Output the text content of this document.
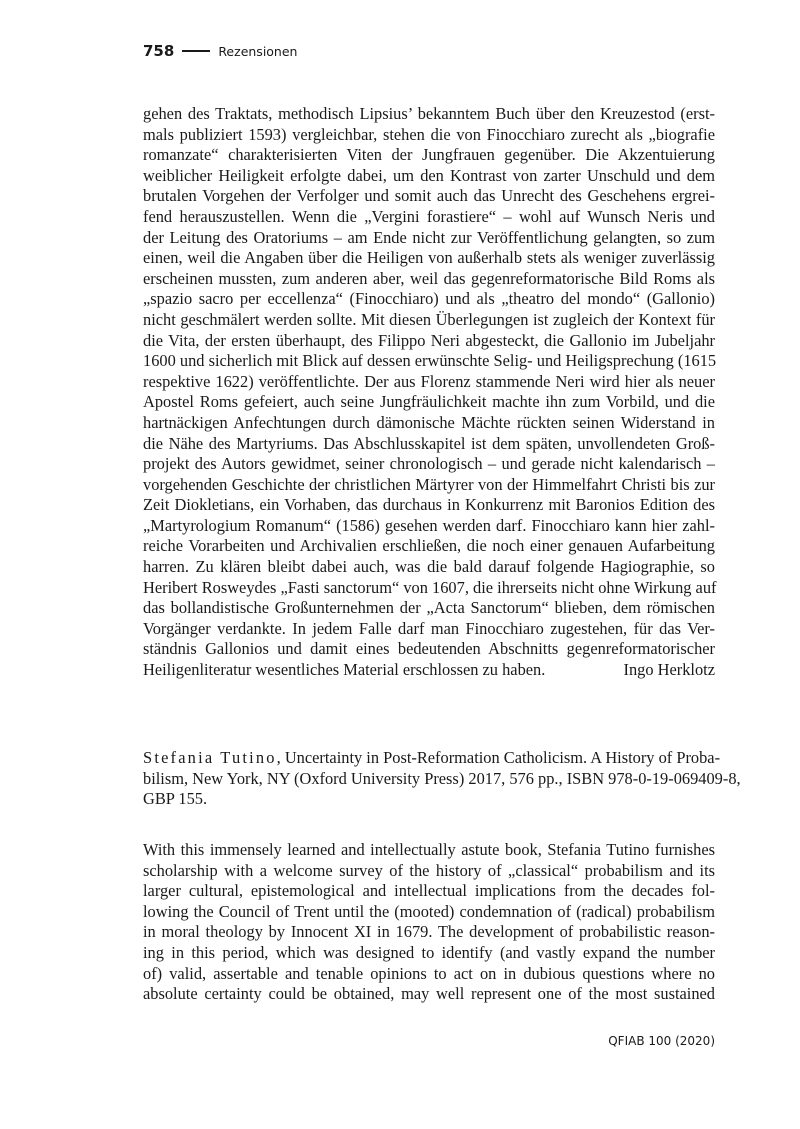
758	Rezensionen
gehen des Traktats, methodisch Lipsius’ bekanntem Buch über den Kreuzestod (erst-
mals publiziert 1593) vergleichbar, stehen die von Finocchiaro zurecht als „biografie
romanzate“ charakterisierten Viten der Jungfrauen gegenüber. Die Akzentuierung
weiblicher Heiligkeit erfolgte dabei, um den Kontrast von zarter Unschuld und dem
brutalen Vorgehen der Verfolger und somit auch das Unrecht des Geschehens ergrei-
fend herauszustellen. Wenn die „Vergini forastiere“ – wohl auf Wunsch Neris und
der Leitung des Oratoriums – am Ende nicht zur Veröffentlichung gelangten, so zum
einen, weil die Angaben über die Heiligen von außerhalb stets als weniger zuverlässig
erscheinen mussten, zum anderen aber, weil das gegenreformatorische Bild Roms als
„spazio sacro per eccellenza“ (Finocchiaro) und als „theatro del mondo“ (Gallonio)
nicht geschmälert werden sollte. Mit diesen Überlegungen ist zugleich der Kontext für
die Vita, der ersten überhaupt, des Filippo Neri abgesteckt, die Gallonio im Jubeljahr
1600 und sicherlich mit Blick auf dessen erwünschte Selig- und Heiligsprechung (1615
respektive 1622) veröffentlichte. Der aus Florenz stammende Neri wird hier als neuer
Apostel Roms gefeiert, auch seine Jungfräulichkeit machte ihn zum Vorbild, und die
hartnäckigen Anfechtungen durch dämonische Mächte rückten seinen Widerstand in
die Nähe des Martyriums. Das Abschlusskapitel ist dem späten, unvollendeten Groß-
projekt des Autors gewidmet, seiner chronologisch – und gerade nicht kalendarisch –
vorgehenden Geschichte der christlichen Märtyrer von der Himmelfahrt Christi bis zur
Zeit Diokletians, ein Vorhaben, das durchaus in Konkurrenz mit Baronios Edition des
„Martyrologium Romanum“ (1586) gesehen werden darf. Finocchiaro kann hier zahl-
reiche Vorarbeiten und Archivalien erschließen, die noch einer genauen Aufarbeitung
harren. Zu klären bleibt dabei auch, was die bald darauf folgende Hagiographie, so
Heribert Rosweydes „Fasti sanctorum“ von 1607, die ihrerseits nicht ohne Wirkung auf
das bollandistische Großunternehmen der „Acta Sanctorum“ blieben, dem römischen
Vorgänger verdankte. In jedem Falle darf man Finocchiaro zugestehen, für das Ver-
ständnis Gallonios und damit eines bedeutenden Abschnitts gegenreformatorischer
Heiligenliteratur wesentliches Material erschlossen zu haben.	Ingo Herklotz
Stefania Tutino, Uncertainty in Post-Reformation Catholicism. A History of Proba-
bilism, New York, NY (Oxford University Press) 2017, 576 pp., ISBN 978-0-19-069409-8,
GBP 155.
With this immensely learned and intellectually astute book, Stefania Tutino furnishes
scholarship with a welcome survey of the history of „classical“ probabilism and its
larger cultural, epistemological and intellectual implications from the decades fol-
lowing the Council of Trent until the (mooted) condemnation of (radical) probabilism
in moral theology by Innocent XI in 1679. The development of probabilistic reason-
ing in this period, which was designed to identify (and vastly expand the number
of) valid, assertable and tenable opinions to act on in dubious questions where no
absolute certainty could be obtained, may well represent one of the most sustained
QFIAB 100 (2020)
